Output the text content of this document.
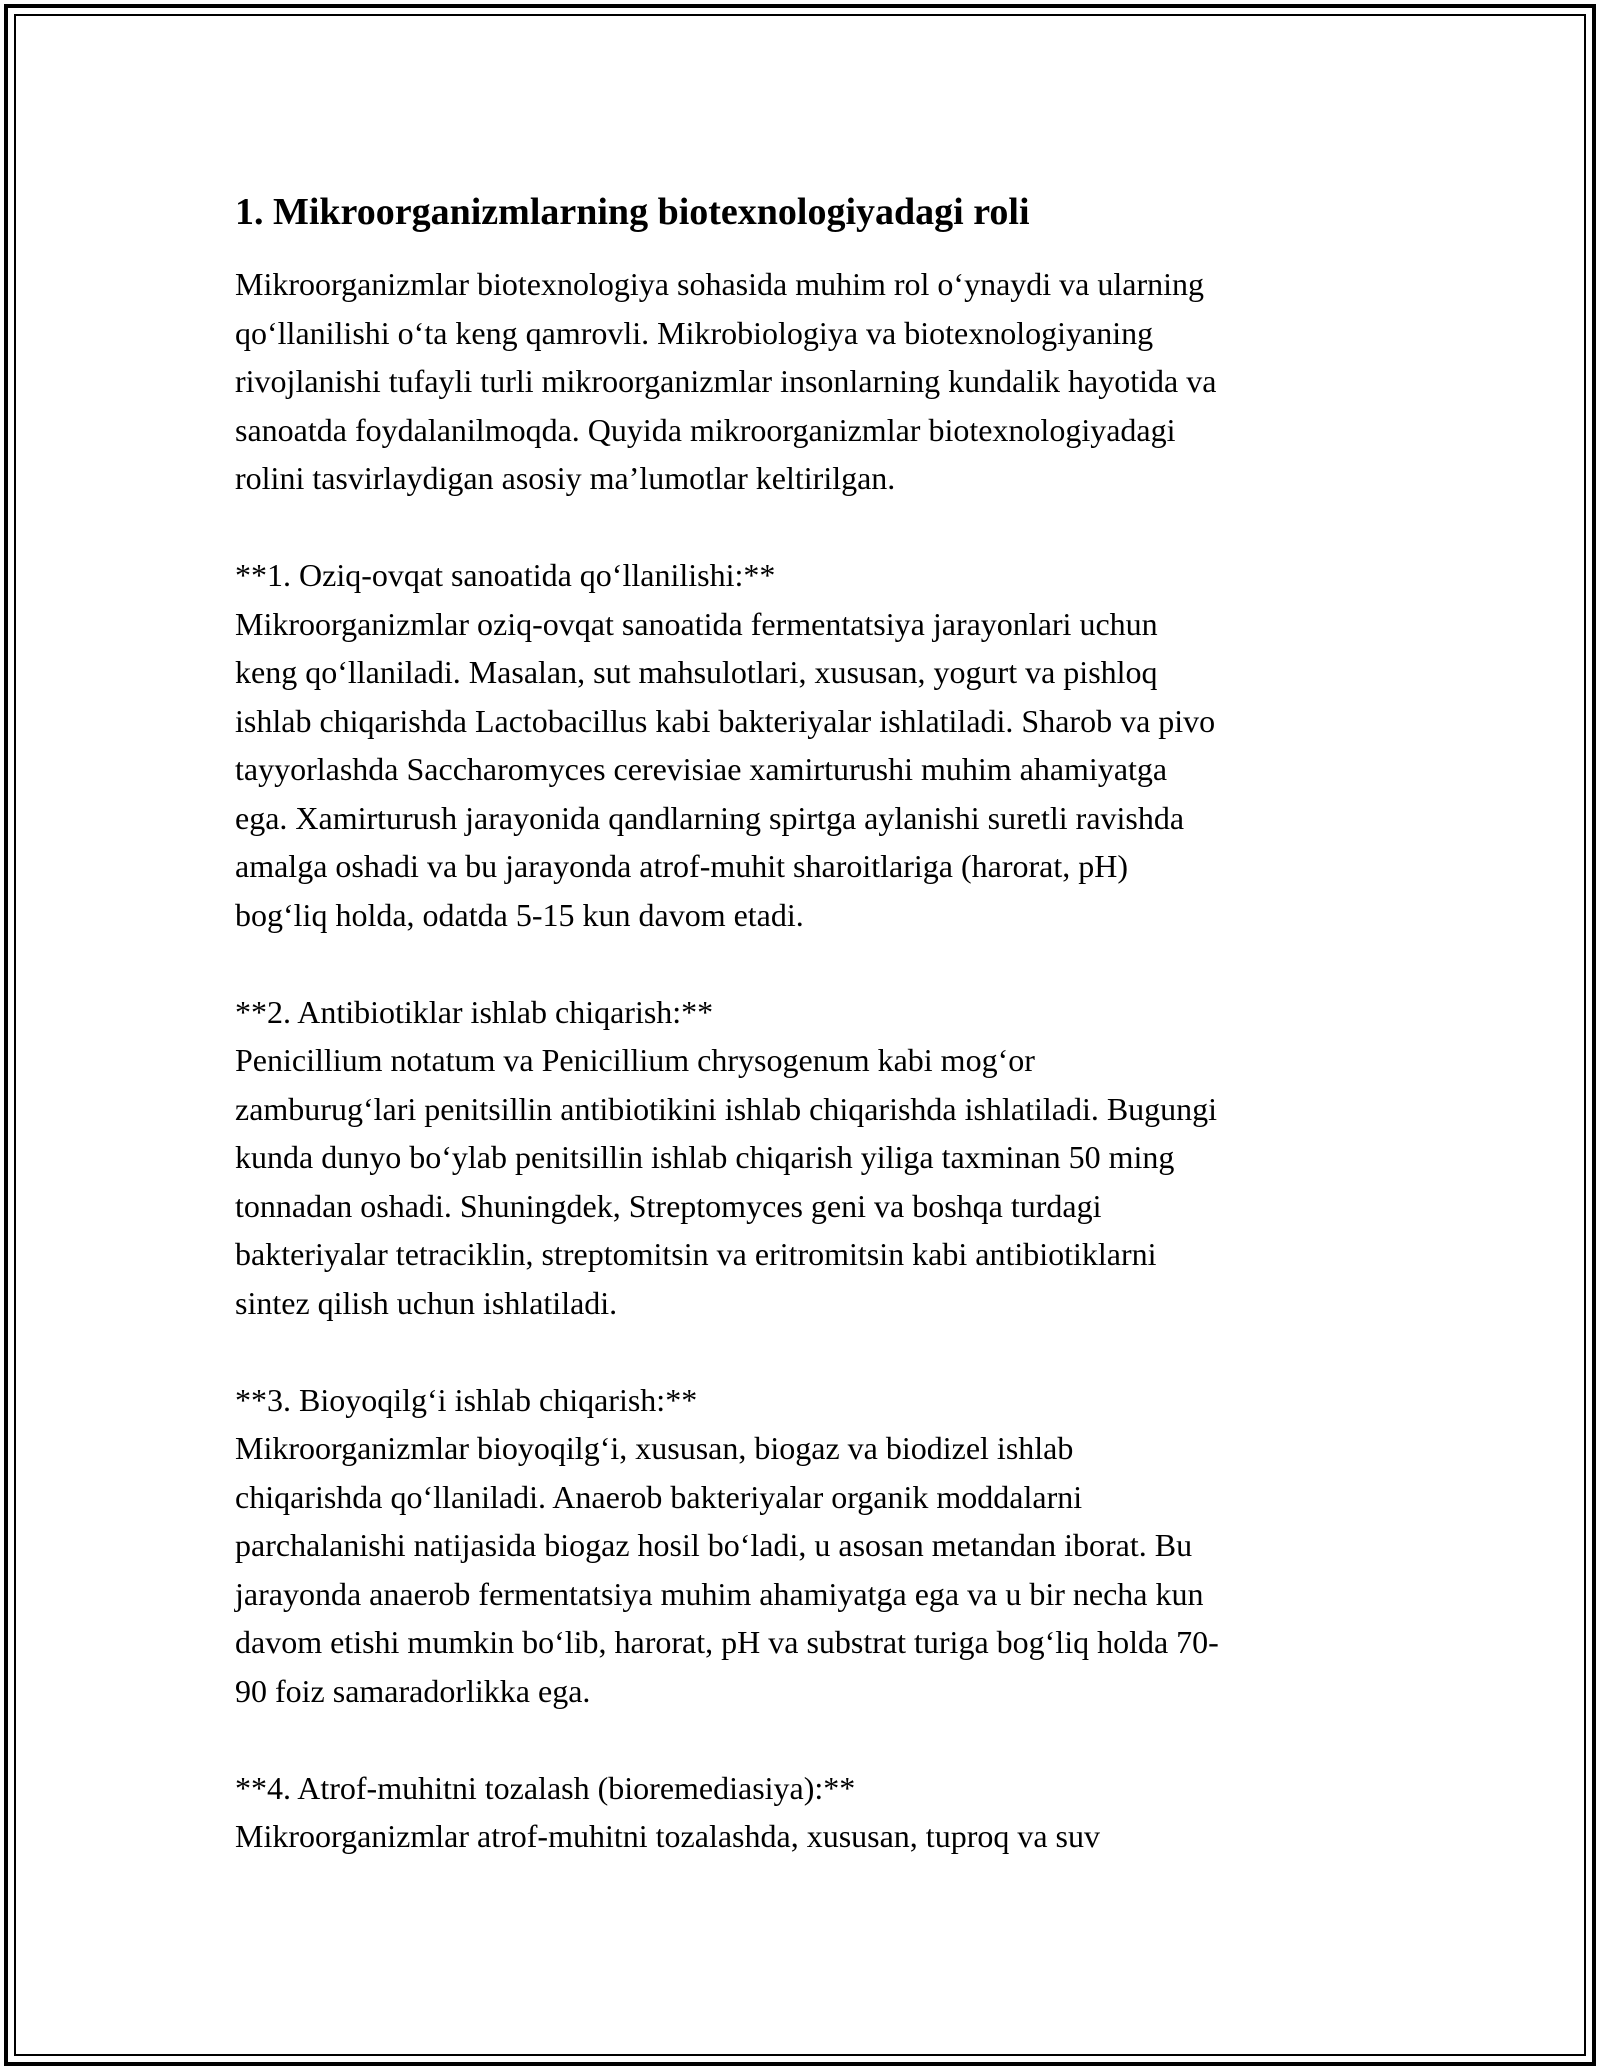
1. Mikroorganizmlarning biotexnologiyadagi roli
Mikroorganizmlar biotexnologiya sohasida muhim rol o‘ynaydi va ularning
qo‘llanilishi o‘ta keng qamrovli. Mikrobiologiya va biotexnologiyaning
rivojlanishi tufayli turli mikroorganizmlar insonlarning kundalik hayotida va
sanoatda foydalanilmoqda. Quyida mikroorganizmlar biotexnologiyadagi
rolini tasvirlaydigan asosiy ma’lumotlar keltirilgan.
**1. Oziq-ovqat sanoatida qo‘llanilishi:**
Mikroorganizmlar oziq-ovqat sanoatida fermentatsiya jarayonlari uchun
keng qo‘llaniladi. Masalan, sut mahsulotlari, xususan, yogurt va pishloq
ishlab chiqarishda Lactobacillus kabi bakteriyalar ishlatiladi. Sharob va pivo
tayyorlashda Saccharomyces cerevisiae xamirturushi muhim ahamiyatga
ega. Xamirturush jarayonida qandlarning spirtga aylanishi suretli ravishda
amalga oshadi va bu jarayonda atrof-muhit sharoitlariga (harorat, pH)
bog‘liq holda, odatda 5-15 kun davom etadi.
**2. Antibiotiklar ishlab chiqarish:**
Penicillium notatum va Penicillium chrysogenum kabi mog‘or
zamburug‘lari penitsillin antibiotikini ishlab chiqarishda ishlatiladi. Bugungi
kunda dunyo bo‘ylab penitsillin ishlab chiqarish yiliga taxminan 50 ming
tonnadan oshadi. Shuningdek, Streptomyces geni va boshqa turdagi
bakteriyalar tetraciklin, streptomitsin va eritromitsin kabi antibiotiklarni
sintez qilish uchun ishlatiladi.
**3. Bioyoqilg‘i ishlab chiqarish:**
Mikroorganizmlar bioyoqilg‘i, xususan, biogaz va biodizel ishlab
chiqarishda qo‘llaniladi. Anaerob bakteriyalar organik moddalarni
parchalanishi natijasida biogaz hosil bo‘ladi, u asosan metandan iborat. Bu
jarayonda anaerob fermentatsiya muhim ahamiyatga ega va u bir necha kun
davom etishi mumkin bo‘lib, harorat, pH va substrat turiga bog‘liq holda 70-
90 foiz samaradorlikka ega.
**4. Atrof-muhitni tozalash (bioremediasiya):**
Mikroorganizmlar atrof-muhitni tozalashda, xususan, tuproq va suv
